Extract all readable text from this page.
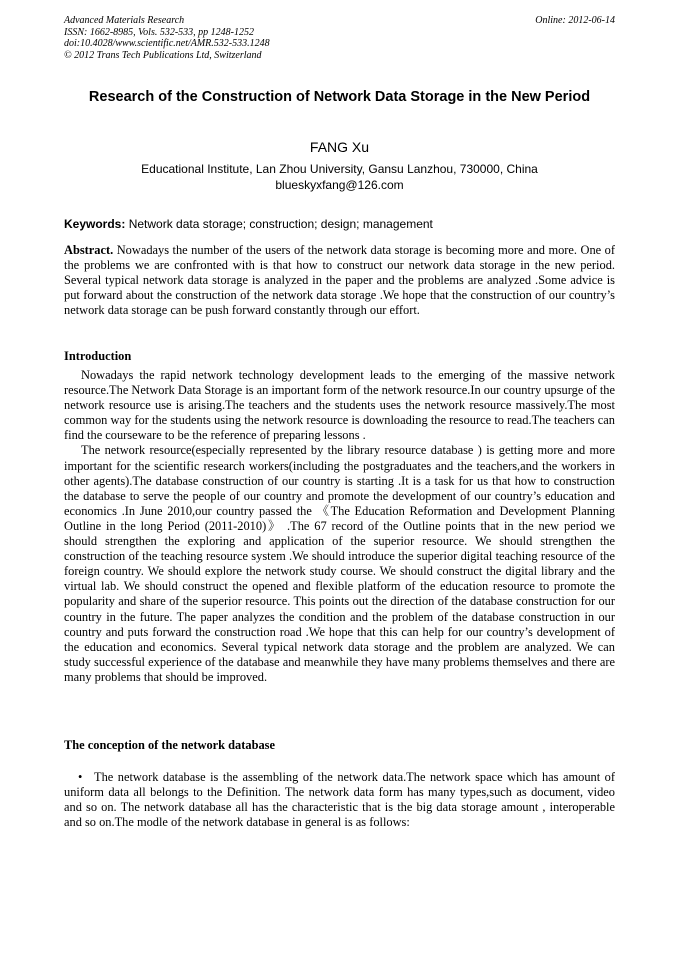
Advanced Materials Research
ISSN: 1662-8985, Vols. 532-533, pp 1248-1252
doi:10.4028/www.scientific.net/AMR.532-533.1248
© 2012 Trans Tech Publications Ltd, Switzerland
Online: 2012-06-14
Research of the Construction of Network Data Storage in the New Period
FANG Xu
Educational Institute, Lan Zhou University, Gansu Lanzhou, 730000, China
blueskyxfang@126.com
Keywords: Network data storage; construction; design; management
Abstract. Nowadays the number of the users of the network data storage is becoming more and more. One of the problems we are confronted with is that how to construct our network data storage in the new period. Several typical network data storage is analyzed in the paper and the problems are analyzed .Some advice is put forward about the construction of the network data storage .We hope that the construction of our country’s network data storage can be push forward constantly through our effort.
Introduction

Nowadays the rapid network technology development leads to the emerging of the massive network resource.The Network Data Storage is an important form of the network resource.In our country upsurge of the network resource use is arising.The teachers and the students uses the network resource massively.The most common way for the students using the network resource is downloading the resource to read.The teachers can find the courseware to be the reference of preparing lessons .

The network resource(especially represented by the library resource database ) is getting more and more important for the scientific research workers(including the postgraduates and the teachers,and the workers in other agents).The database construction of our country is starting .It is a task for us that how to construction the database to serve the people of our country and promote the development of our country’s education and economics .In June 2010,our country passed the 《The Education Reformation and Development Planning Outline in the long Period (2011-2010)》 .The 67 record of the Outline points that in the new period we should strengthen the exploring and application of the superior resource. We should strengthen the construction of the teaching resource system .We should introduce the superior digital teaching resource of the foreign country. We should explore the network study course. We should construct the digital library and the virtual lab. We should construct the opened and flexible platform of the education resource to promote the popularity and share of the superior resource. This points out the direction of the database construction for our country in the future. The paper analyzes the condition and the problem of the database construction in our country and puts forward the construction road .We hope that this can help for our country’s development of the education and economics. Several typical network data storage and the problem are analyzed. We can study successful experience of the database and meanwhile they have many problems themselves and there are many problems that should be improved.

The conception of the network database
• The network database is the assembling of the network data.The network space which has amount of uniform data all belongs to the Definition. The network data form has many types,such as document, video and so on. The network database all has the characteristic that is the big data storage amount , interoperable and so on.The modle of the network database in general is as follows:
